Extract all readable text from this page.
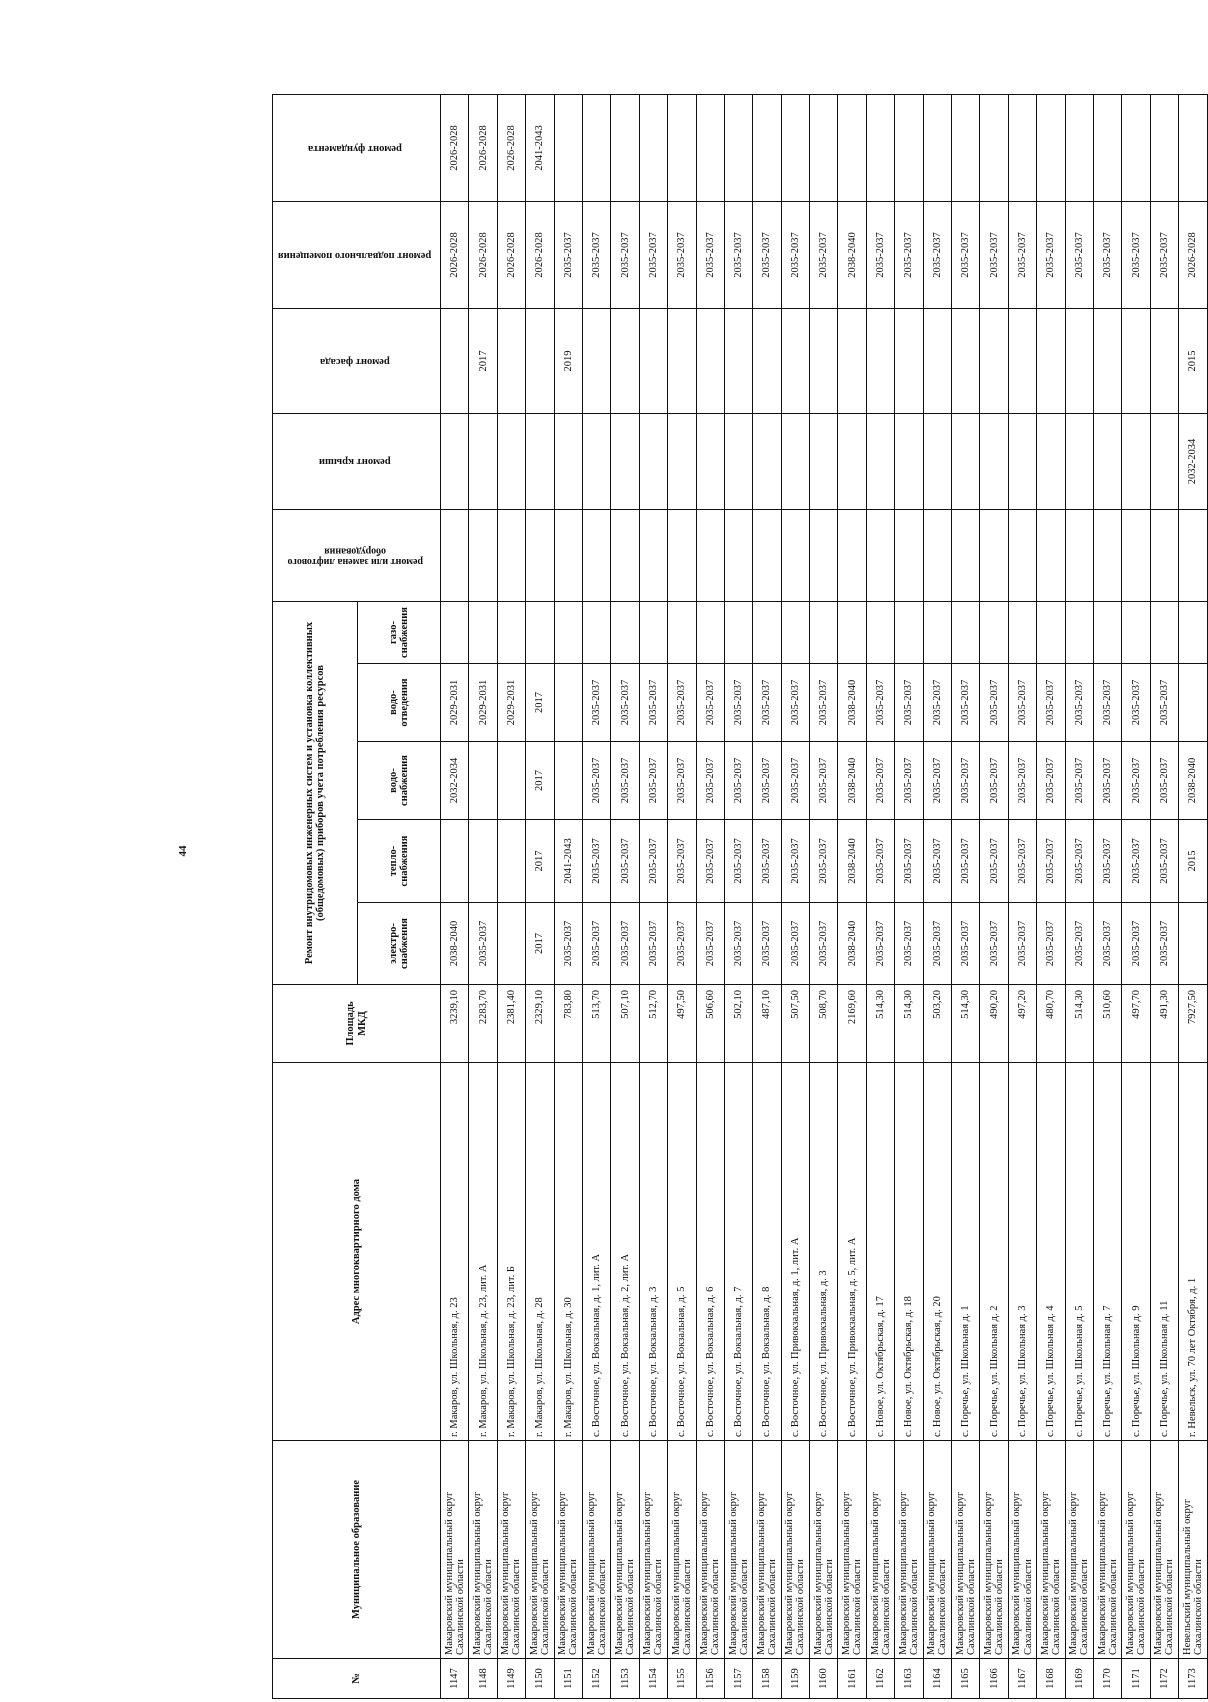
44
№	Муниципальное образование	Адрес многоквартирного дома	Площадь МКД	Ремонт внутридомовых инженерных систем и установка коллективных (общедомовых) приборов учета потребления ресурсов					ремонт или замена лифтового оборудования	ремонт крыши	ремонт фасада	ремонт подвального помещения	ремонт фундамента
				электро-снабжения	тепло-снабжения	водо-снабжения	водо-отведения	газо-снабжения					
1147	Макаровский муниципальный округ Сахалинской области	г. Макаров, ул. Школьная, д. 23	3239,10	2038-2040		2032-2034	2029-2031					2026-2028	2026-2028
1148	Макаровский муниципальный округ Сахалинской области	г. Макаров, ул. Школьная, д. 23, лит. А	2283,70	2035-2037			2029-2031				2017	2026-2028	2026-2028
1149	Макаровский муниципальный округ Сахалинской области	г. Макаров, ул. Школьная, д. 23, лит. Б	2381,40				2029-2031					2026-2028	2026-2028
1150	Макаровский муниципальный округ Сахалинской области	г. Макаров, ул. Школьная, д. 28	2329,10	2017	2017	2017	2017					2026-2028	2041-2043
1151	Макаровский муниципальный округ Сахалинской области	г. Макаров, ул. Школьная, д. 30	783,80	2035-2037	2041-2043						2019	2035-2037	
1152	Макаровский муниципальный округ Сахалинской области	с. Восточное, ул. Вокзальная, д. 1, лит. А	513,70	2035-2037	2035-2037	2035-2037	2035-2037					2035-2037	
1153	Макаровский муниципальный округ Сахалинской области	с. Восточное, ул. Вокзальная, д. 2, лит. А	507,10	2035-2037	2035-2037	2035-2037	2035-2037					2035-2037	
1154	Макаровский муниципальный округ Сахалинской области	с. Восточное, ул. Вокзальная, д. 3	512,70	2035-2037	2035-2037	2035-2037	2035-2037					2035-2037	
1155	Макаровский муниципальный округ Сахалинской области	с. Восточное, ул. Вокзальная, д. 5	497,50	2035-2037	2035-2037	2035-2037	2035-2037					2035-2037	
1156	Макаровский муниципальный округ Сахалинской области	с. Восточное, ул. Вокзальная, д. 6	506,60	2035-2037	2035-2037	2035-2037	2035-2037					2035-2037	
1157	Макаровский муниципальный округ Сахалинской области	с. Восточное, ул. Вокзальная, д. 7	502,10	2035-2037	2035-2037	2035-2037	2035-2037					2035-2037	
1158	Макаровский муниципальный округ Сахалинской области	с. Восточное, ул. Вокзальная, д. 8	487,10	2035-2037	2035-2037	2035-2037	2035-2037					2035-2037	
1159	Макаровский муниципальный округ Сахалинской области	с. Восточное, ул. Привокзальная, д. 1, лит. А	507,50	2035-2037	2035-2037	2035-2037	2035-2037					2035-2037	
1160	Макаровский муниципальный округ Сахалинской области	с. Восточное, ул. Привокзальная, д. 3	508,70	2035-2037	2035-2037	2035-2037	2035-2037					2035-2037	
1161	Макаровский муниципальный округ Сахалинской области	с. Восточное, ул. Привокзальная, д. 5, лит. А	2169,60	2038-2040	2038-2040	2038-2040	2038-2040					2038-2040	
1162	Макаровский муниципальный округ Сахалинской области	с. Новое, ул. Октябрьская, д. 17	514,30	2035-2037	2035-2037	2035-2037	2035-2037					2035-2037	
1163	Макаровский муниципальный округ Сахалинской области	с. Новое, ул. Октябрьская, д. 18	514,30	2035-2037	2035-2037	2035-2037	2035-2037					2035-2037	
1164	Макаровский муниципальный округ Сахалинской области	с. Новое, ул. Октябрьская, д. 20	503,20	2035-2037	2035-2037	2035-2037	2035-2037					2035-2037	
1165	Макаровский муниципальный округ Сахалинской области	с. Поречье, ул. Школьная д. 1	514,30	2035-2037	2035-2037	2035-2037	2035-2037					2035-2037	
1166	Макаровский муниципальный округ Сахалинской области	с. Поречье, ул. Школьная д. 2	490,20	2035-2037	2035-2037	2035-2037	2035-2037					2035-2037	
1167	Макаровский муниципальный округ Сахалинской области	с. Поречье, ул. Школьная д. 3	497,20	2035-2037	2035-2037	2035-2037	2035-2037					2035-2037	
1168	Макаровский муниципальный округ Сахалинской области	с. Поречье, ул. Школьная д. 4	480,70	2035-2037	2035-2037	2035-2037	2035-2037					2035-2037	
1169	Макаровский муниципальный округ Сахалинской области	с. Поречье, ул. Школьная д. 5	514,30	2035-2037	2035-2037	2035-2037	2035-2037					2035-2037	
1170	Макаровский муниципальный округ Сахалинской области	с. Поречье, ул. Школьная д. 7	510,60	2035-2037	2035-2037	2035-2037	2035-2037					2035-2037	
1171	Макаровский муниципальный округ Сахалинской области	с. Поречье, ул. Школьная д. 9	497,70	2035-2037	2035-2037	2035-2037	2035-2037					2035-2037	
1172	Макаровский муниципальный округ Сахалинской области	с. Поречье, ул. Школьная д. 11	491,30	2035-2037	2035-2037	2035-2037	2035-2037					2035-2037	
1173	Невельский муниципальный округ Сахалинской области	г. Невельск, ул. 70 лет Октября, д. 1	7927,50		2015	2038-2040				2032-2034	2015	2026-2028	
